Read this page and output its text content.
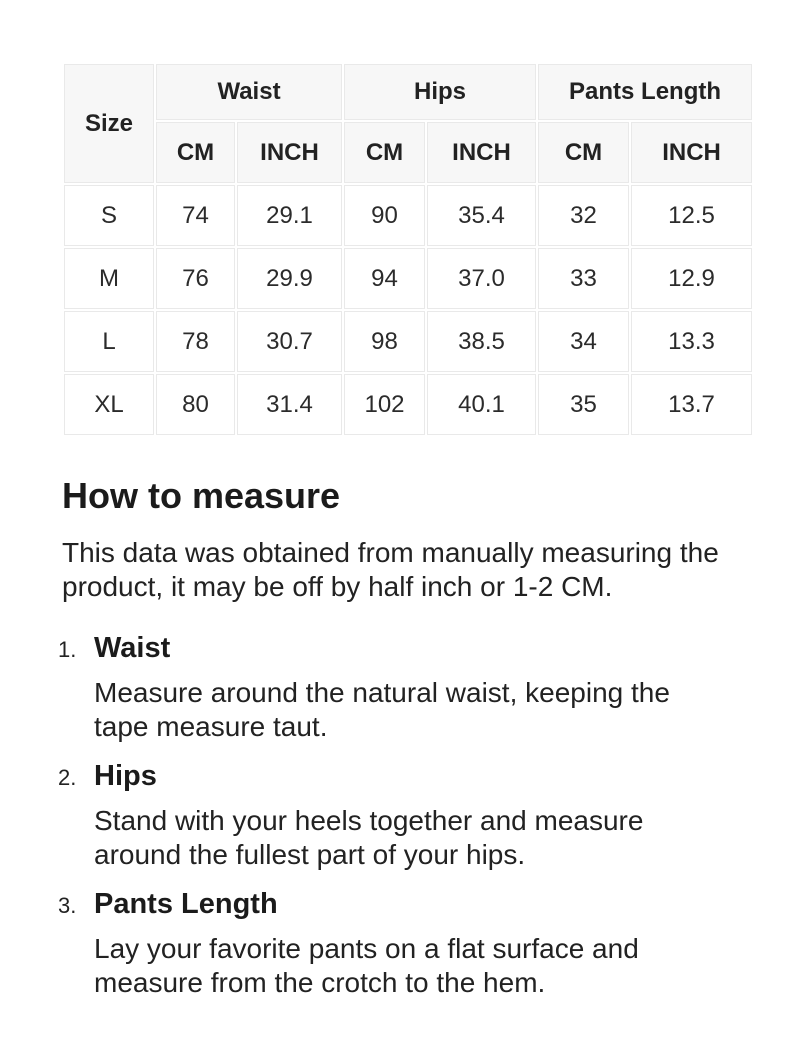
Size	Waist		Hips		Pants Length	
	CM	INCH	CM	INCH	CM	INCH
S	74	29.1	90	35.4	32	12.5
M	76	29.9	94	37.0	33	12.9
L	78	30.7	98	38.5	34	13.3
XL	80	31.4	102	40.1	35	13.7
How to measure

This data was obtained from manually measuring the product, it may be off by half inch or 1-2 CM.

1. Waist

Measure around the natural waist, keeping the tape measure taut.

2. Hips

Stand with your heels together and measure around the fullest part of your hips.

3. Pants Length

Lay your favorite pants on a flat surface and measure from the crotch to the hem.
